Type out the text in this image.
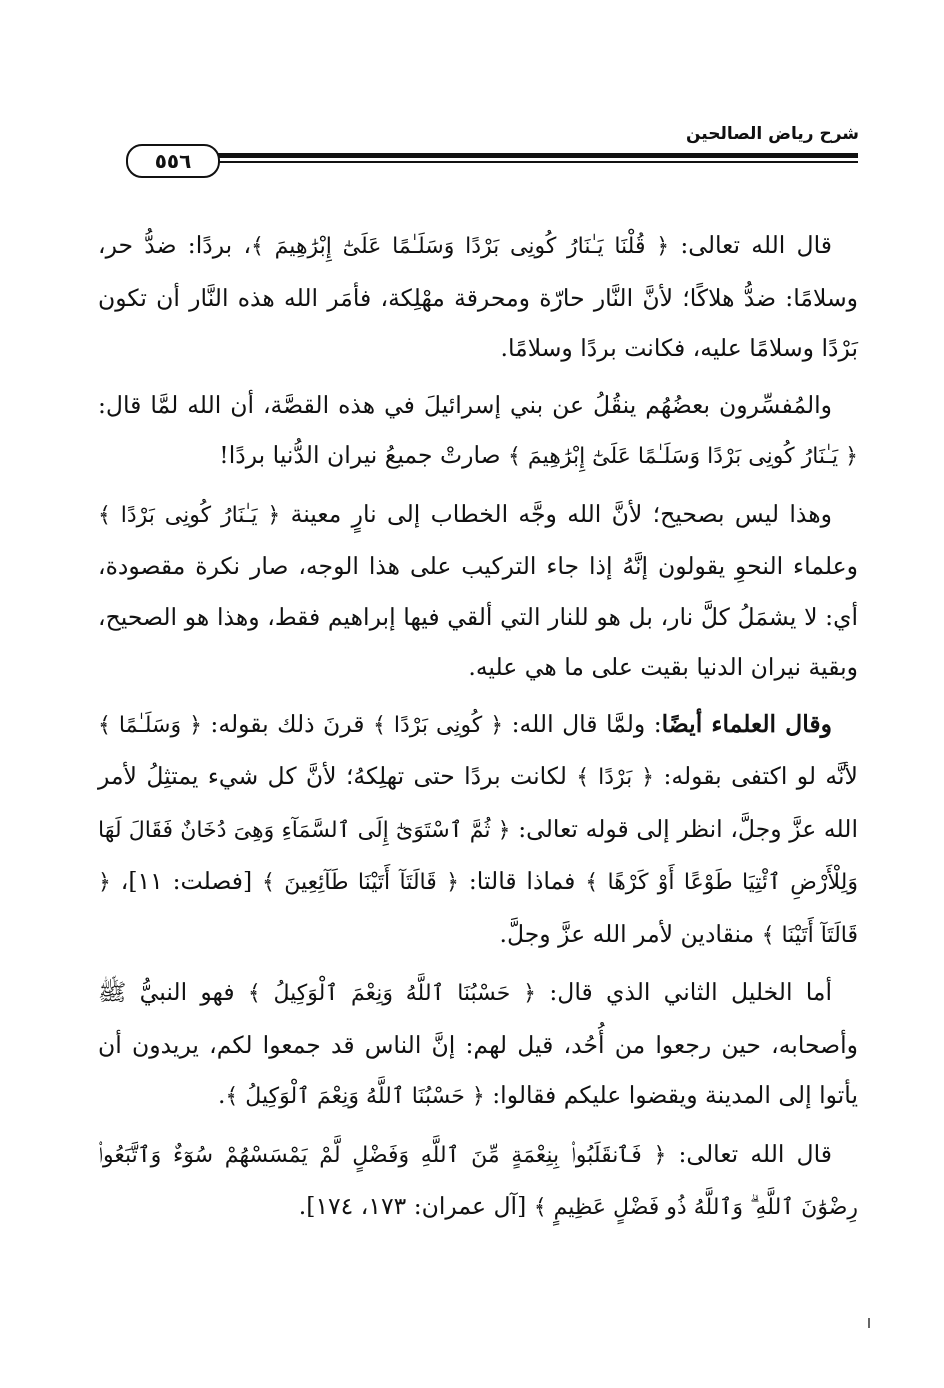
شرح رياض الصالحين
٥٥٦

قال الله تعالى: ﴿ قُلْنَا يَـٰنَارُ كُونِى بَرْدًا وَسَلَـٰمًا عَلَىٰٓ إِبْرَٰهِيمَ ﴾، بردًا: ضدُّ حر، وسلامًا: ضدُّ هلاكًا؛ لأنَّ النَّار حارّة ومحرقة مهْلِكة، فأمَر الله هذه النَّار أن تكون بَرْدًا وسلامًا عليه، فكانت بردًا وسلامًا.

والمُفسِّرون بعضُهُم ينقُلُ عن بني إسرائيلَ في هذه القصَّة، أن الله لمَّا قال: ﴿ يَـٰنَارُ كُونِى بَرْدًا وَسَلَـٰمًا عَلَىٰٓ إِبْرَٰهِيمَ ﴾ صارتْ جميعُ نيران الدُّنيا بردًا!

وهذا ليس بصحيح؛ لأنَّ الله وجَّه الخطاب إلى نارٍ معينة ﴿ يَـٰنَارُ كُونِى بَرْدًا ﴾ وعلماء النحوِ يقولون إنَّهُ إذا جاء التركيب على هذا الوجه، صار نكرة مقصودة، أي: لا يشمَلُ كلَّ نار، بل هو للنار التي ألقي فيها إبراهيم فقط، وهذا هو الصحيح، وبقية نيران الدنيا بقيت على ما هي عليه.

وقال العلماء أيضًا: ولمَّا قال الله: ﴿ كُونِى بَرْدًا ﴾ قرنَ ذلك بقوله: ﴿ وَسَلَـٰمًا ﴾ لأنَّه لو اكتفى بقوله: ﴿ بَرْدًا ﴾ لكانت بردًا حتى تهلِكهُ؛ لأنَّ كل شيء يمتثِلُ لأمر الله عزَّ وجلَّ، انظر إلى قوله تعالى: ﴿ ثُمَّ ٱسْتَوَىٰٓ إِلَى ٱلسَّمَآءِ وَهِىَ دُخَانٌ فَقَالَ لَهَا وَلِلْأَرْضِ ٱئْتِيَا طَوْعًا أَوْ كَرْهًا ﴾ فماذا قالتا: ﴿ قَالَتَآ أَتَيْنَا طَآئِعِينَ ﴾ [فصلت: ١١]، ﴿ قَالَتَآ أَتَيْنَا ﴾ منقادين لأمر الله عزَّ وجلَّ.

أما الخليل الثاني الذي قال: ﴿ حَسْبُنَا ٱللَّهُ وَنِعْمَ ٱلْوَكِيلُ ﴾ فهو النبيُّ ﷺ وأصحابه، حين رجعوا من أُحُد، قيل لهم: إنَّ الناس قد جمعوا لكم، يريدون أن يأتوا إلى المدينة ويقضوا عليكم فقالوا: ﴿ حَسْبُنَا ٱللَّهُ وَنِعْمَ ٱلْوَكِيلُ ﴾.

قال الله تعالى: ﴿ فَٱنقَلَبُوا۟ بِنِعْمَةٍ مِّنَ ٱللَّهِ وَفَضْلٍ لَّمْ يَمْسَسْهُمْ سُوٓءٌ وَٱتَّبَعُوا۟ رِضْوَٰنَ ٱللَّهِ ۗ وَٱللَّهُ ذُو فَضْلٍ عَظِيمٍ ﴾ [آل عمران: ١٧٣، ١٧٤].
